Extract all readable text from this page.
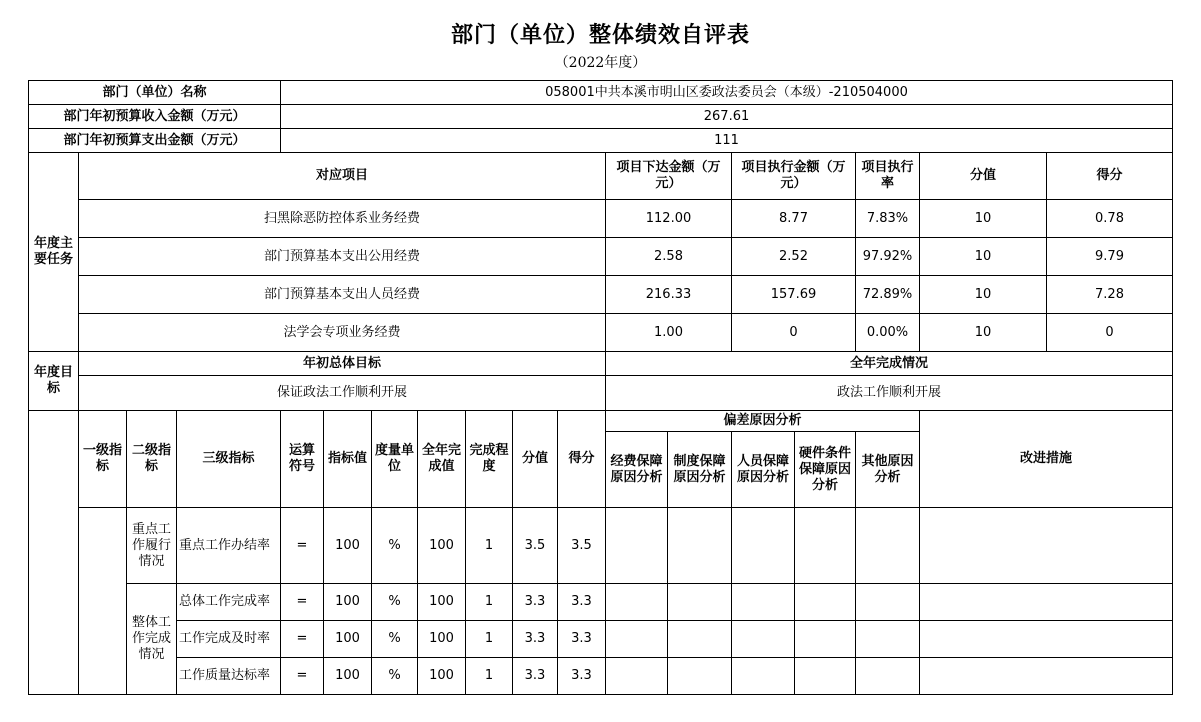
部门（单位）整体绩效自评表
（2022年度）
部门（单位）名称				058001中共本溪市明山区委政法委员会（本级）-210504000													
部门年初预算收入金额（万元）				267.61													
部门年初预算支出金额（万元）				111													
年度主要任务	对应项目										项目下达金额（万元）		项目执行金额（万元）		项目执行率	分值	得分
	扫黑除恶防控体系业务经费										112.00		8.77		7.83%	10	0.78
	部门预算基本支出公用经费										2.58		2.52		97.92%	10	9.79
	部门预算基本支出人员经费										216.33		157.69		72.89%	10	7.28
	法学会专项业务经费										1.00		0		0.00%	10	0
年度目标	年初总体目标										全年完成情况						
	保证政法工作顺利开展										政法工作顺利开展						
	一级指标	二级指标	三级指标	运算符号	指标值	度量单位	全年完成值	完成程度	分值	得分	偏差原因分析					改进措施	
											经费保障原因分析	制度保障原因分析	人员保障原因分析	硬件条件保障原因分析	其他原因分析		
		重点工作履行情况	重点工作办结率	=	100	%	100	1	3.5	3.5							
		整体工作完成情况	总体工作完成率	=	100	%	100	1	3.3	3.3							
			工作完成及时率	=	100	%	100	1	3.3	3.3							
			工作质量达标率	=	100	%	100	1	3.3	3.3							
